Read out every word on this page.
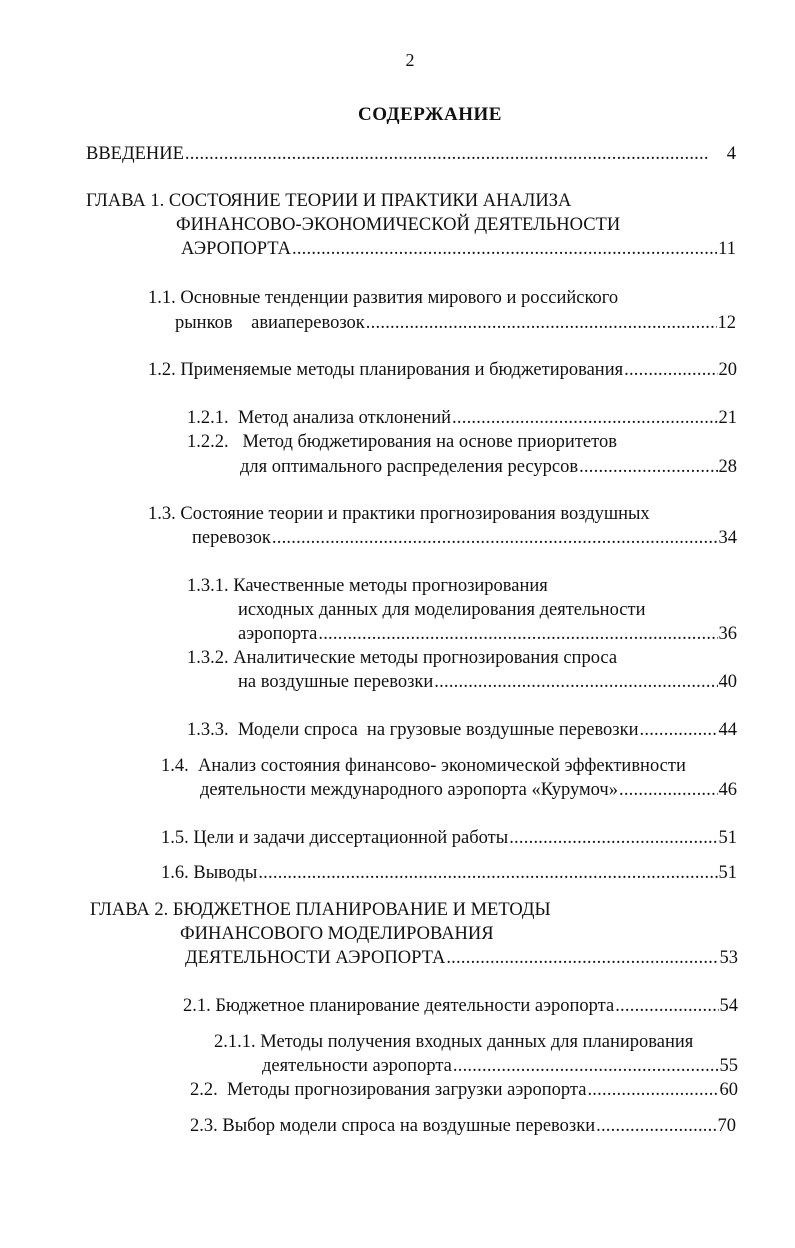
2
СОДЕРЖАНИЕ
ВВЕДЕНИЕ . . .	4
ГЛАВА 1. СОСТОЯНИЕ ТЕОРИИ И ПРАКТИКИ АНАЛИЗА
ФИНАНСОВО-ЭКОНОМИЧЕСКОЙ ДЕЯТЕЛЬНОСТИ
АЭРОПОРТА . . .	11
1.1. Основные тенденции развития мирового и российского
рынков    авиаперевозок . . .	12
1.2. Применяемые методы планирования и бюджетирования . . .	20
1.2.1.  Метод анализа отклонений . . .	21
1.2.2.   Метод бюджетирования на основе приоритетов
для оптимального распределения ресурсов . . .	28
1.3. Состояние теории и практики прогнозирования воздушных
перевозок . . .	34
1.3.1. Качественные методы прогнозирования
исходных данных для моделирования деятельности
аэропорта . . .	36
1.3.2. Аналитические методы прогнозирования спроса
на воздушные перевозки . . .	40
1.3.3.  Модели спроса  на грузовые воздушные перевозки . . .	44
1.4.  Анализ состояния финансово- экономической эффективности
деятельности международного аэропорта «Курумоч» . . .	46
1.5. Цели и задачи диссертационной работы . . .	51
1.6. Выводы . . .	51
ГЛАВА 2. БЮДЖЕТНОЕ ПЛАНИРОВАНИЕ И МЕТОДЫ
ФИНАНСОВОГО МОДЕЛИРОВАНИЯ
ДЕЯТЕЛЬНОСТИ АЭРОПОРТА . . .	53
2.1. Бюджетное планирование деятельности аэропорта . . .	54
2.1.1. Методы получения входных данных для планирования
деятельности аэропорта . . .	55
2.2.  Методы прогнозирования загрузки аэропорта . . .	60
2.3. Выбор модели спроса на воздушные перевозки . . .	70
